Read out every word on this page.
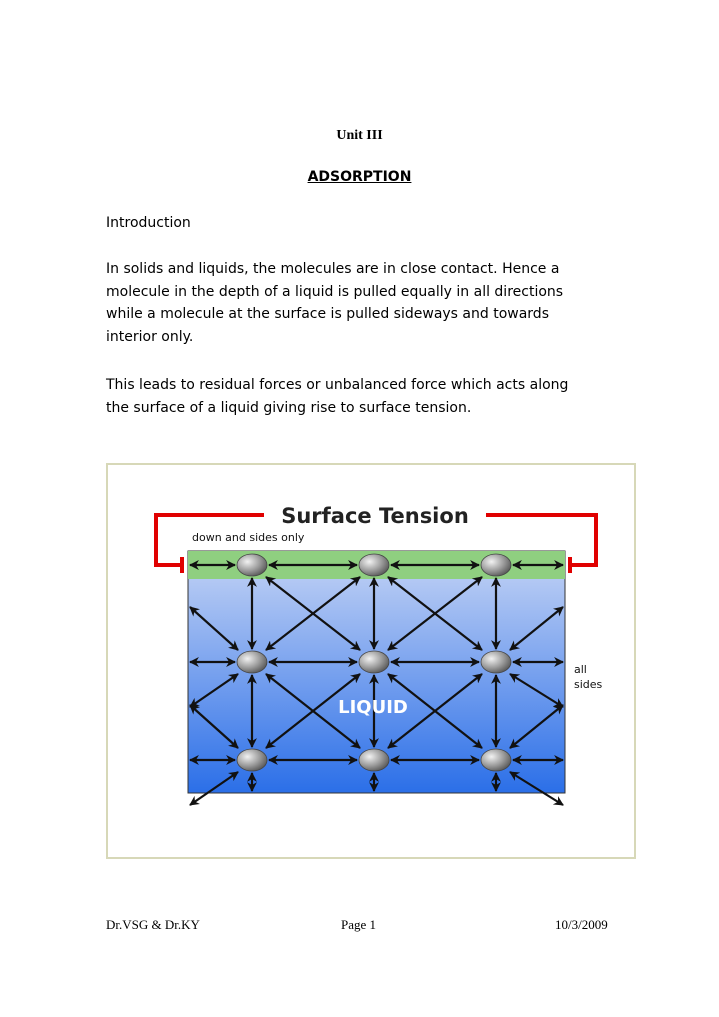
Unit III
ADSORPTION
Introduction
In solids and liquids, the molecules are in close contact. Hence a
molecule in the depth of a liquid is pulled equally in all directions
while a molecule at the surface is pulled sideways and towards
interior only.
This leads to residual forces or unbalanced force which acts along
the surface of a liquid giving rise to surface tension.
Surface Tension
down and sides only
LIQUID
all
sides
Dr.VSG & Dr.KY	Page 1	10/3/2009
